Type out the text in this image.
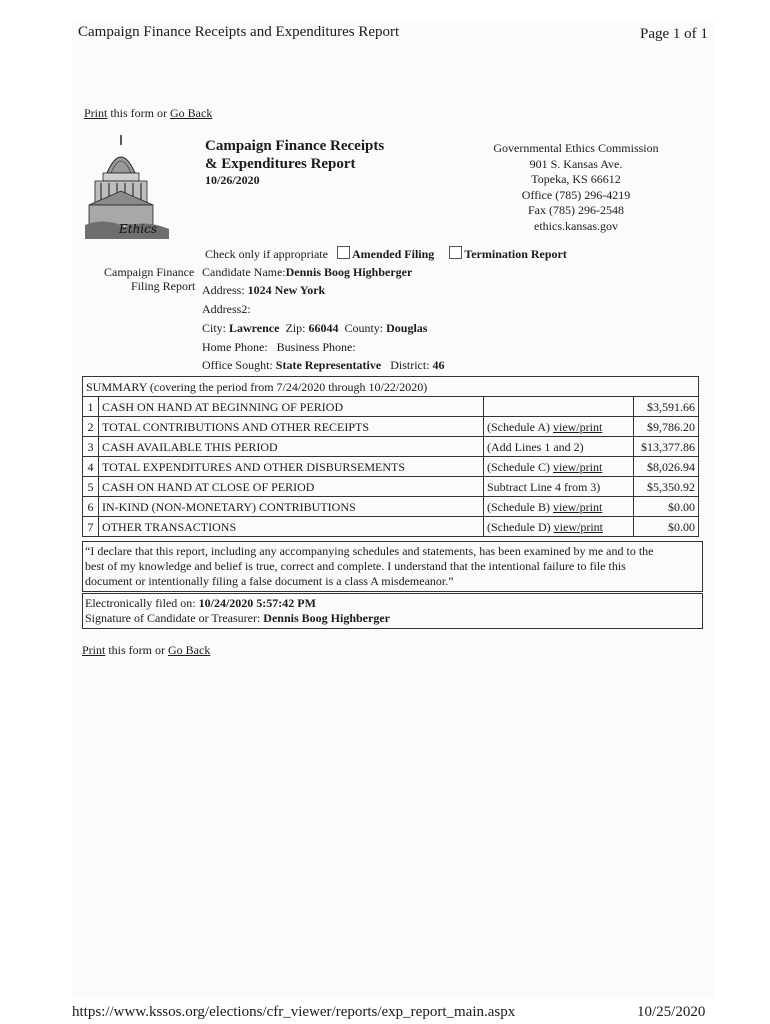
Campaign Finance Receipts and Expenditures Report	Page 1 of 1
Print this form or Go Back
Ethics
Campaign Finance Receipts
& Expenditures Report
10/26/2020
Governmental Ethics Commission
901 S. Kansas Ave.
Topeka, KS 66612
Office (785) 296-4219
Fax (785) 296-2548
ethics.kansas.gov
Check only if appropriate Amended Filing	Termination Report
Campaign Finance
Filing Report
Candidate Name:Dennis Boog Highberger
Address: 1024 New York
Address2:
City: Lawrence Zip: 66044 County: Douglas
Home Phone: Business Phone:
Office Sought: State Representative District: 46
SUMMARY (covering the period from 7/24/2020 through 10/22/2020)			
1	CASH ON HAND AT BEGINNING OF PERIOD		$3,591.66
2	TOTAL CONTRIBUTIONS AND OTHER RECEIPTS	(Schedule A) view/print	$9,786.20
3	CASH AVAILABLE THIS PERIOD	(Add Lines 1 and 2)	$13,377.86
4	TOTAL EXPENDITURES AND OTHER DISBURSEMENTS	(Schedule C) view/print	$8,026.94
5	CASH ON HAND AT CLOSE OF PERIOD	Subtract Line 4 from 3)	$5,350.92
6	IN-KIND (NON-MONETARY) CONTRIBUTIONS	(Schedule B) view/print	$0.00
7	OTHER TRANSACTIONS	(Schedule D) view/print	$0.00
“I declare that this report, including any accompanying schedules and statements, has been examined by me and to the
best of my knowledge and belief is true, correct and complete. I understand that the intentional failure to file this
document or intentionally filing a false document is a class A misdemeanor.”
Electronically filed on: 10/24/2020 5:57:42 PM
Signature of Candidate or Treasurer: Dennis Boog Highberger
Print this form or Go Back
https://www.kssos.org/elections/cfr_viewer/reports/exp_report_main.aspx	10/25/2020
